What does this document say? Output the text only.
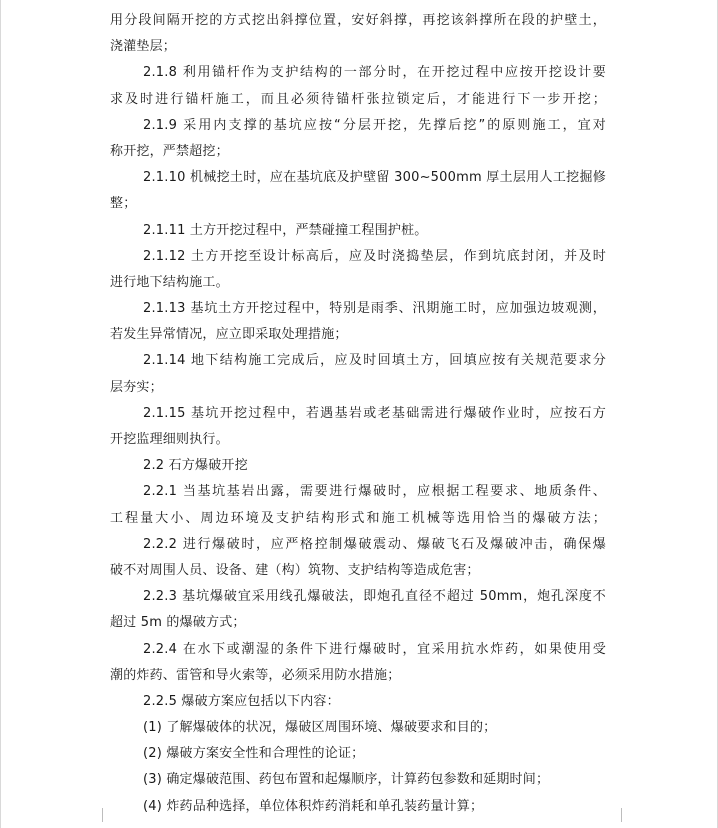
用分段间隔开挖的方式挖出斜撑位置，安好斜撑，再挖该斜撑所在段的护壁土，
浇灌垫层；
2.1.8 利用锚杆作为支护结构的一部分时，在开挖过程中应按开挖设计要
求及时进行锚杆施工，而且必须待锚杆张拉锁定后，才能进行下一步开挖；
2.1.9 采用内支撑的基坑应按“分层开挖，先撑后挖”的原则施工，宜对
称开挖，严禁超挖；
2.1.10 机械挖土时，应在基坑底及护壁留 300~500mm 厚土层用人工挖掘修
整；
2.1.11 土方开挖过程中，严禁碰撞工程围护桩。
2.1.12 土方开挖至设计标高后，应及时浇捣垫层，作到坑底封闭，并及时
进行地下结构施工。
2.1.13 基坑土方开挖过程中，特别是雨季、汛期施工时，应加强边坡观测，
若发生异常情况，应立即采取处理措施；
2.1.14 地下结构施工完成后，应及时回填土方，回填应按有关规范要求分
层夯实；
2.1.15 基坑开挖过程中，若遇基岩或老基础需进行爆破作业时，应按石方
开挖监理细则执行。
2.2 石方爆破开挖
2.2.1 当基坑基岩出露，需要进行爆破时，应根据工程要求、地质条件、
工程量大小、周边环境及支护结构形式和施工机械等选用恰当的爆破方法；
2.2.2 进行爆破时，应严格控制爆破震动、爆破飞石及爆破冲击，确保爆
破不对周围人员、设备、建（构）筑物、支护结构等造成危害；
2.2.3 基坑爆破宜采用线孔爆破法，即炮孔直径不超过 50mm，炮孔深度不
超过 5m 的爆破方式；
2.2.4 在水下或潮湿的条件下进行爆破时，宜采用抗水炸药，如果使用受
潮的炸药、雷管和导火索等，必须采用防水措施；
2.2.5 爆破方案应包括以下内容：
(1) 了解爆破体的状况，爆破区周围环境、爆破要求和目的；
(2) 爆破方案安全性和合理性的论证；
(3) 确定爆破范围、药包布置和起爆顺序，计算药包参数和延期时间；
(4) 炸药品种选择，单位体积炸药消耗和单孔装药量计算；
